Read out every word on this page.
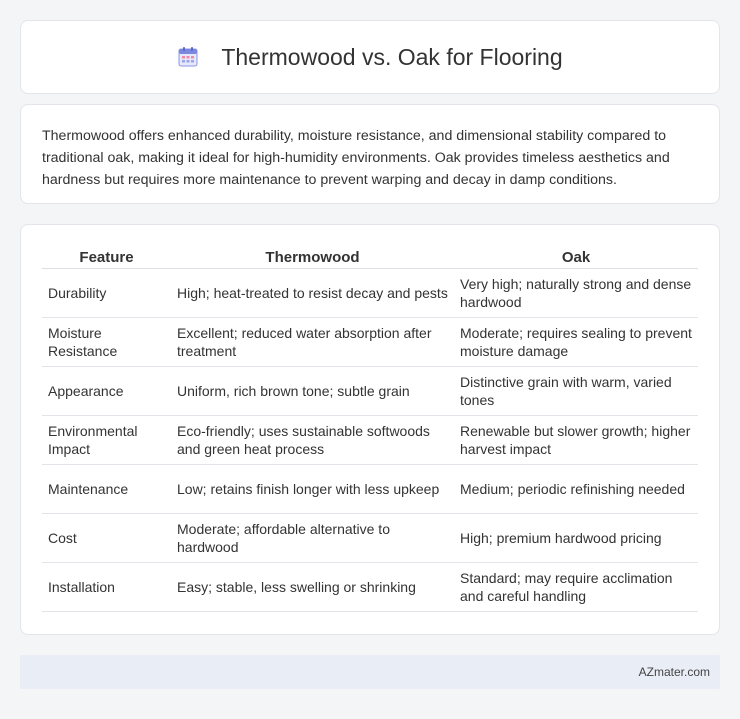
Thermowood vs. Oak for Flooring

Thermowood offers enhanced durability, moisture resistance, and dimensional stability compared to traditional oak, making it ideal for high-humidity environments. Oak provides timeless aesthetics and hardness but requires more maintenance to prevent warping and decay in damp conditions.

Feature	Thermowood	Oak
Durability	High; heat-treated to resist decay and pests	Very high; naturally strong and dense hardwood
Moisture Resistance	Excellent; reduced water absorption after treatment	Moderate; requires sealing to prevent moisture damage
Appearance	Uniform, rich brown tone; subtle grain	Distinctive grain with warm, varied tones
Environmental Impact	Eco-friendly; uses sustainable softwoods and green heat process	Renewable but slower growth; higher harvest impact
Maintenance	Low; retains finish longer with less upkeep	Medium; periodic refinishing needed
Cost	Moderate; affordable alternative to hardwood	High; premium hardwood pricing
Installation	Easy; stable, less swelling or shrinking	Standard; may require acclimation and careful handling
AZmater.com
